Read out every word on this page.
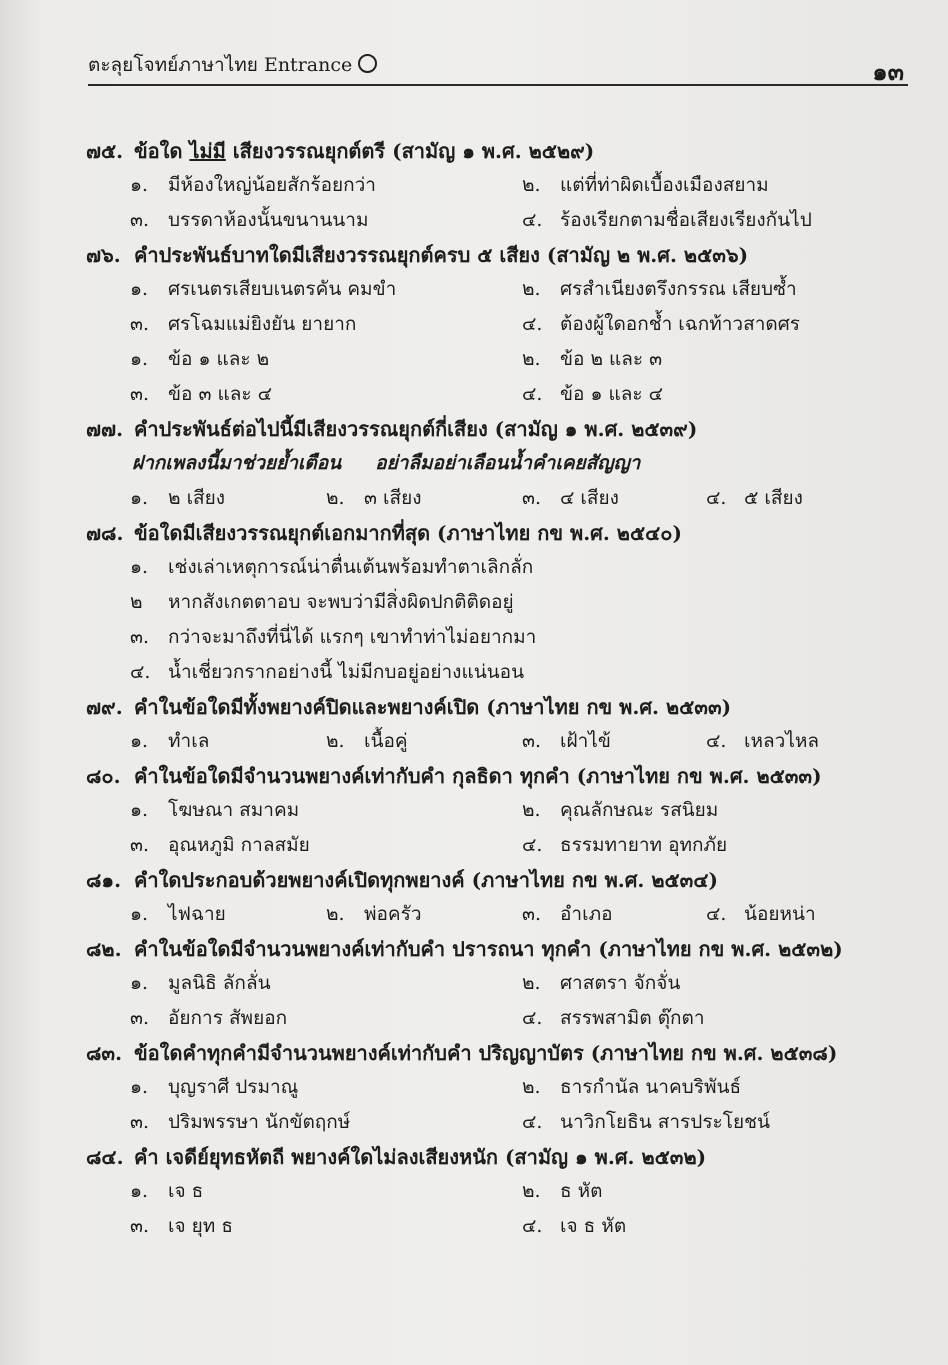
ตะลุยโจทย์ภาษาไทย Entrance	๑๓
๗๕. ข้อใด ไม่มี เสียงวรรณยุกต์ตรี (สามัญ ๑ พ.ศ. ๒๕๒๙)
๑. มีห้องใหญ่น้อยสักร้อยกว่า	๒. แต่ที่ท่าผิดเบื้องเมืองสยาม
๓. บรรดาห้องนั้นขนานนาม	๔. ร้องเรียกตามชื่อเสียงเรียงกันไป
๗๖. คำประพันธ์บาทใดมีเสียงวรรณยุกต์ครบ ๕ เสียง (สามัญ ๒ พ.ศ. ๒๕๓๖)
๑. ศรเนตรเสียบเนตรคัน คมขำ	๒. ศรสำเนียงตรึงกรรณ เสียบซ้ำ
๓. ศรโฉมแม่ยิงยัน ยายาก	๔. ต้องผู้ใดอกช้ำ เฉกท้าวสาดศร
๑. ข้อ ๑ และ ๒	๒. ข้อ ๒ และ ๓
๓. ข้อ ๓ และ ๔	๔. ข้อ ๑ และ ๔
๗๗. คำประพันธ์ต่อไปนี้มีเสียงวรรณยุกต์กี่เสียง (สามัญ ๑ พ.ศ. ๒๕๓๙)
ฝากเพลงนี้มาช่วยย้ำเตือน อย่าลืมอย่าเลือนน้ำคำเคยสัญญา
๑. ๒ เสียง	๒. ๓ เสียง	๓. ๔ เสียง	๔. ๕ เสียง
๗๘. ข้อใดมีเสียงวรรณยุกต์เอกมากที่สุด (ภาษาไทย กข พ.ศ. ๒๕๔๐)
๑. เช่งเล่าเหตุการณ์น่าตื่นเต้นพร้อมทำตาเลิกลั่ก
๒ หากสังเกตตาอบ จะพบว่ามีสิ่งผิดปกติติดอยู่
๓. กว่าจะมาถึงที่นี่ได้ แรกๆ เขาทำท่าไม่อยากมา
๔. น้ำเชี่ยวกรากอย่างนี้ ไม่มีกบอยู่อย่างแน่นอน
๗๙. คำในข้อใดมีทั้งพยางค์ปิดและพยางค์เปิด (ภาษาไทย กข พ.ศ. ๒๕๓๓)
๑. ทำเล	๒. เนื้อคู่	๓. เฝ้าไข้	๔. เหลวไหล
๘๐. คำในข้อใดมีจำนวนพยางค์เท่ากับคำ กุลธิดา ทุกคำ (ภาษาไทย กข พ.ศ. ๒๕๓๓)
๑. โฆษณา สมาคม	๒. คุณลักษณะ รสนิยม
๓. อุณหภูมิ กาลสมัย	๔. ธรรมทายาท อุทกภัย
๘๑. คำใดประกอบด้วยพยางค์เปิดทุกพยางค์ (ภาษาไทย กข พ.ศ. ๒๕๓๔)
๑. ไฟฉาย	๒. พ่อครัว	๓. อำเภอ	๔. น้อยหน่า
๘๒. คำในข้อใดมีจำนวนพยางค์เท่ากับคำ ปรารถนา ทุกคำ (ภาษาไทย กข พ.ศ. ๒๕๓๒)
๑. มูลนิธิ ลักลั่น	๒. ศาสตรา จักจั่น
๓. อัยการ สัพยอก	๔. สรรพสามิต ตุ๊กตา
๘๓. ข้อใดคำทุกคำมีจำนวนพยางค์เท่ากับคำ ปริญญาบัตร (ภาษาไทย กข พ.ศ. ๒๕๓๘)
๑. บุญราศี ปรมาณู	๒. ธารกำนัล นาคบริพันธ์
๓. ปริมพรรษา นักขัตฤกษ์	๔. นาวิกโยธิน สารประโยชน์
๘๔. คำ เจดีย์ยุทธหัตถี พยางค์ใดไม่ลงเสียงหนัก (สามัญ ๑ พ.ศ. ๒๕๓๒)
๑. เจ ธ	๒. ธ หัต
๓. เจ ยุท ธ	๔. เจ ธ หัต
